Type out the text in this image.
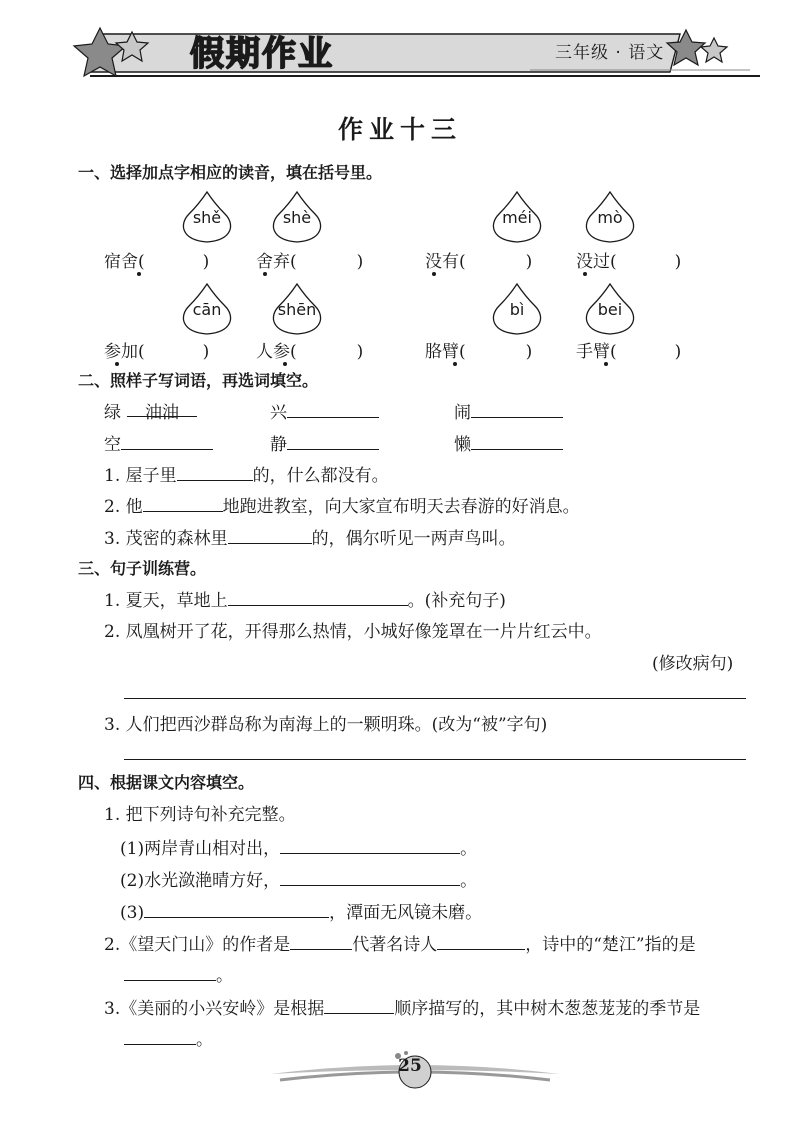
假期作业	三年级 · 语文
作业十三
一、选择加点字相应的读音，填在括号里。
shě	shè	méi	mò
宿舍(	)	舍弃(	)	没有(	)	没过(	)
cān	shēn	bì	bei
参加(	)	人参(	)	胳臂(	)	手臂(	)
二、照样子写词语，再选词填空。
绿 油油	兴	闹
空	静	懒
1. 屋子里	的，什么都没有。
2. 他	地跑进教室，向大家宣布明天去春游的好消息。
3. 茂密的森林里	的，偶尔听见一两声鸟叫。
三、句子训练营。
1. 夏天，草地上	。(补充句子)
2. 凤凰树开了花，开得那么热情，小城好像笼罩在一片片红云中。
(修改病句)
3. 人们把西沙群岛称为南海上的一颗明珠。(改为“被”字句)
四、根据课文内容填空。
1. 把下列诗句补充完整。
(1)两岸青山相对出，	。
(2)水光潋滟晴方好，	。
(3)	，潭面无风镜未磨。
2.《望天门山》的作者是	代著名诗人	，诗中的“楚江”指的是
。
3.《美丽的小兴安岭》是根据	顺序描写的，其中树木葱葱茏茏的季节是
。
25
